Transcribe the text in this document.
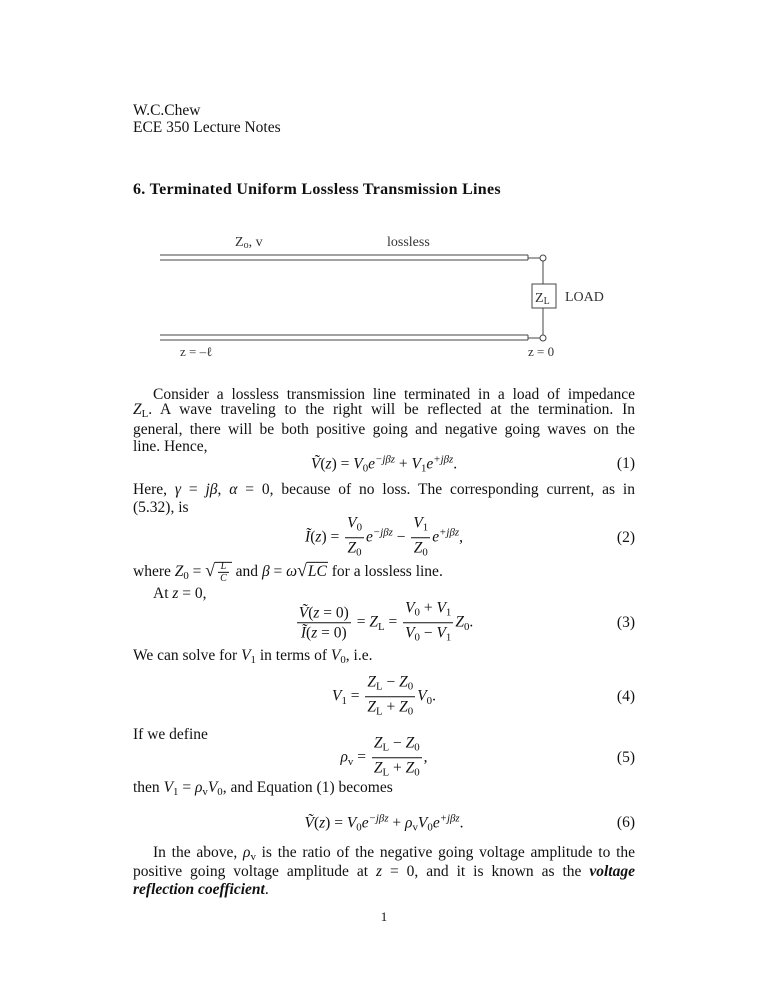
W.C.Chew
ECE 350 Lecture Notes
6. Terminated Uniform Lossless Transmission Lines
ZL LOAD
Zo, v	lossless
z = –ℓ	z = 0
Consider a lossless transmission line terminated in a load of impedance
$Z_L$. A wave traveling to the right will be reflected at the termination. In
general, there will be both positive going and negative going waves on the
line. Hence,
Ṽ(z) = $V_0e^{-j\beta z} + V_1e^{+j\beta z}$.	(1)
Here, γ = jβ, α = 0, because of no loss. The corresponding current, as in
(5.32), is
Ĩ(z) = $\frac{V_0}{Z_0} e^{-j\beta z} - \frac{V_1}{Z_0} e^{+j\beta z}$,	(2)
where $Z_0$ = √ $\frac{L}{C}$ and β = ω√LC for a lossless line.
At z = 0,
$\frac{\text{Ṽ(z = 0)}}{Ĩ(z = 0)} = Z_L = \frac{V_0 + V_1}{V_0 - V_1} Z_0$.	(3)
We can solve for $V_1$ in terms of $V_0$, i.e.
$V_1 = \frac{Z_L - Z_0}{Z_L + Z_0} V_0$.	(4)
If we define
$\rho_v = \frac{Z_L - Z_0}{Z_L + Z_0}$ ,	(5)
then $V_1 = \rho_vV_0$, and Equation (1) becomes
Ṽ(z) = $V_0e^{-j\beta z} + \rho_vV_0e^{+j\beta z}$.	(6)
In the above, $\rho_v$ is the ratio of the negative going voltage amplitude to the
positive going voltage amplitude at z = 0, and it is known as the voltage
reflection coefficient.
1
